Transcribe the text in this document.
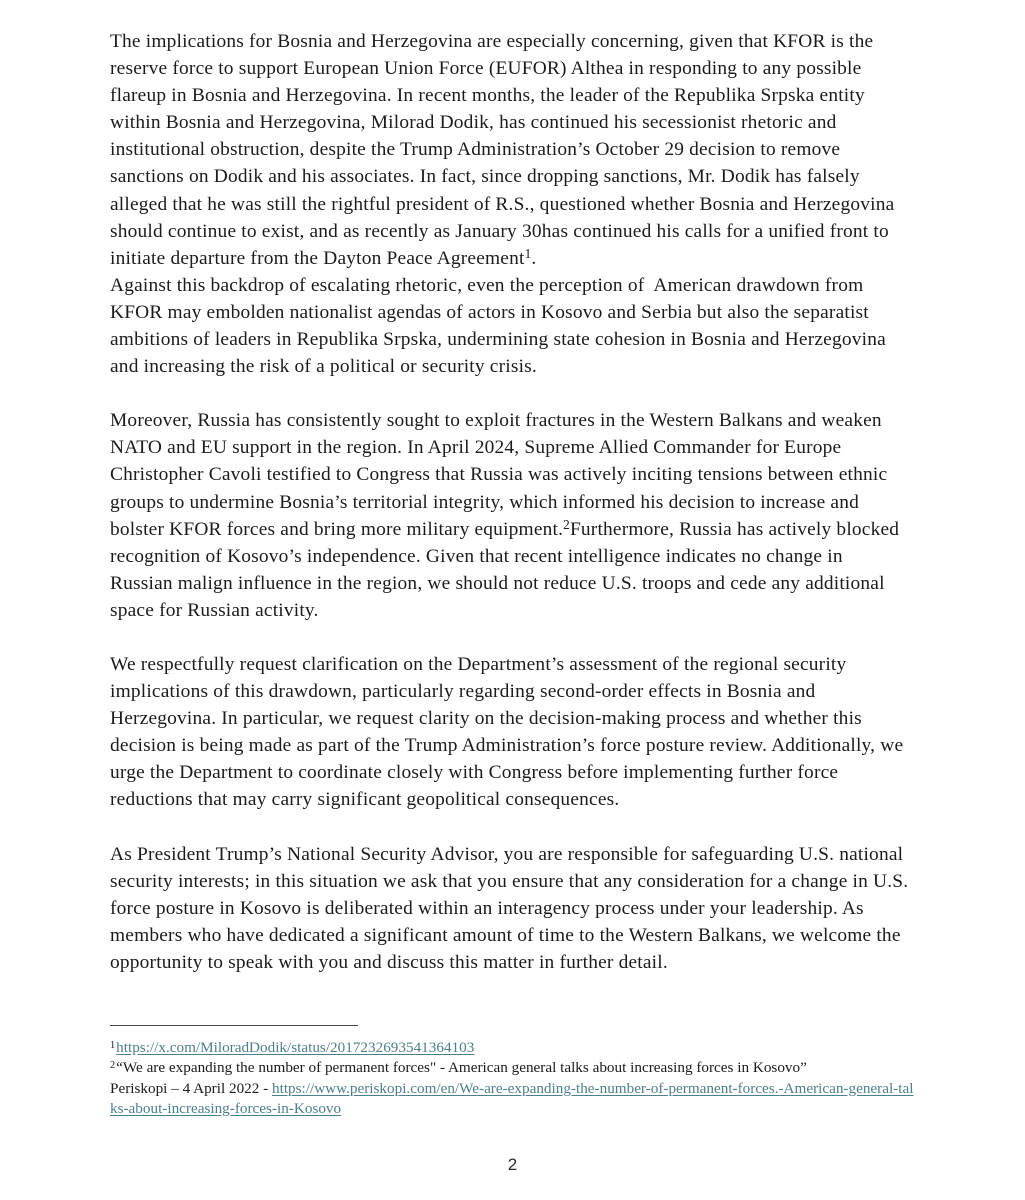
The implications for Bosnia and Herzegovina are especially concerning, given that KFOR is the reserve force to support European Union Force (EUFOR) Althea in responding to any possible flareup in Bosnia and Herzegovina. In recent months, the leader of the Republika Srpska entity within Bosnia and Herzegovina, Milorad Dodik, has continued his secessionist rhetoric and institutional obstruction, despite the Trump Administration’s October 29 decision to remove sanctions on Dodik and his associates. In fact, since dropping sanctions, Mr. Dodik has falsely alleged that he was still the rightful president of R.S., questioned whether Bosnia and Herzegovina should continue to exist, and as recently as January 30has continued his calls for a unified front to initiate departure from the Dayton Peace Agreement$^1$.

Against this backdrop of escalating rhetoric, even the perception of  American drawdown from KFOR may embolden nationalist agendas of actors in Kosovo and Serbia but also the separatist ambitions of leaders in Republika Srpska, undermining state cohesion in Bosnia and Herzegovina and increasing the risk of a political or security crisis.

Moreover, Russia has consistently sought to exploit fractures in the Western Balkans and weaken NATO and EU support in the region. In April 2024, Supreme Allied Commander for Europe Christopher Cavoli testified to Congress that Russia was actively inciting tensions between ethnic groups to undermine Bosnia’s territorial integrity, which informed his decision to increase and bolster KFOR forces and bring more military equipment.$^2$Furthermore, Russia has actively blocked recognition of Kosovo’s independence. Given that recent intelligence indicates no change in Russian malign influence in the region, we should not reduce U.S. troops and cede any additional space for Russian activity.

We respectfully request clarification on the Department’s assessment of the regional security implications of this drawdown, particularly regarding second-order effects in Bosnia and Herzegovina. In particular, we request clarity on the decision-making process and whether this decision is being made as part of the Trump Administration’s force posture review. Additionally, we urge the Department to coordinate closely with Congress before implementing further force reductions that may carry significant geopolitical consequences.

As President Trump’s National Security Advisor, you are responsible for safeguarding U.S. national security interests; in this situation we ask that you ensure that any consideration for a change in U.S. force posture in Kosovo is deliberated within an interagency process under your leadership. As members who have dedicated a significant amount of time to the Western Balkans, we welcome the opportunity to speak with you and discuss this matter in further detail.

$^1$https://x.com/MiloradDodik/status/2017232693541364103

$^2$“We are expanding the number of permanent forces" - American general talks about increasing forces in Kosovo”
Periskopi – 4 April 2022 - https://www.periskopi.com/en/We-are-expanding-the-number-of-permanent-forces.-American-general-talks-about-increasing-forces-in-Kosovo

2
